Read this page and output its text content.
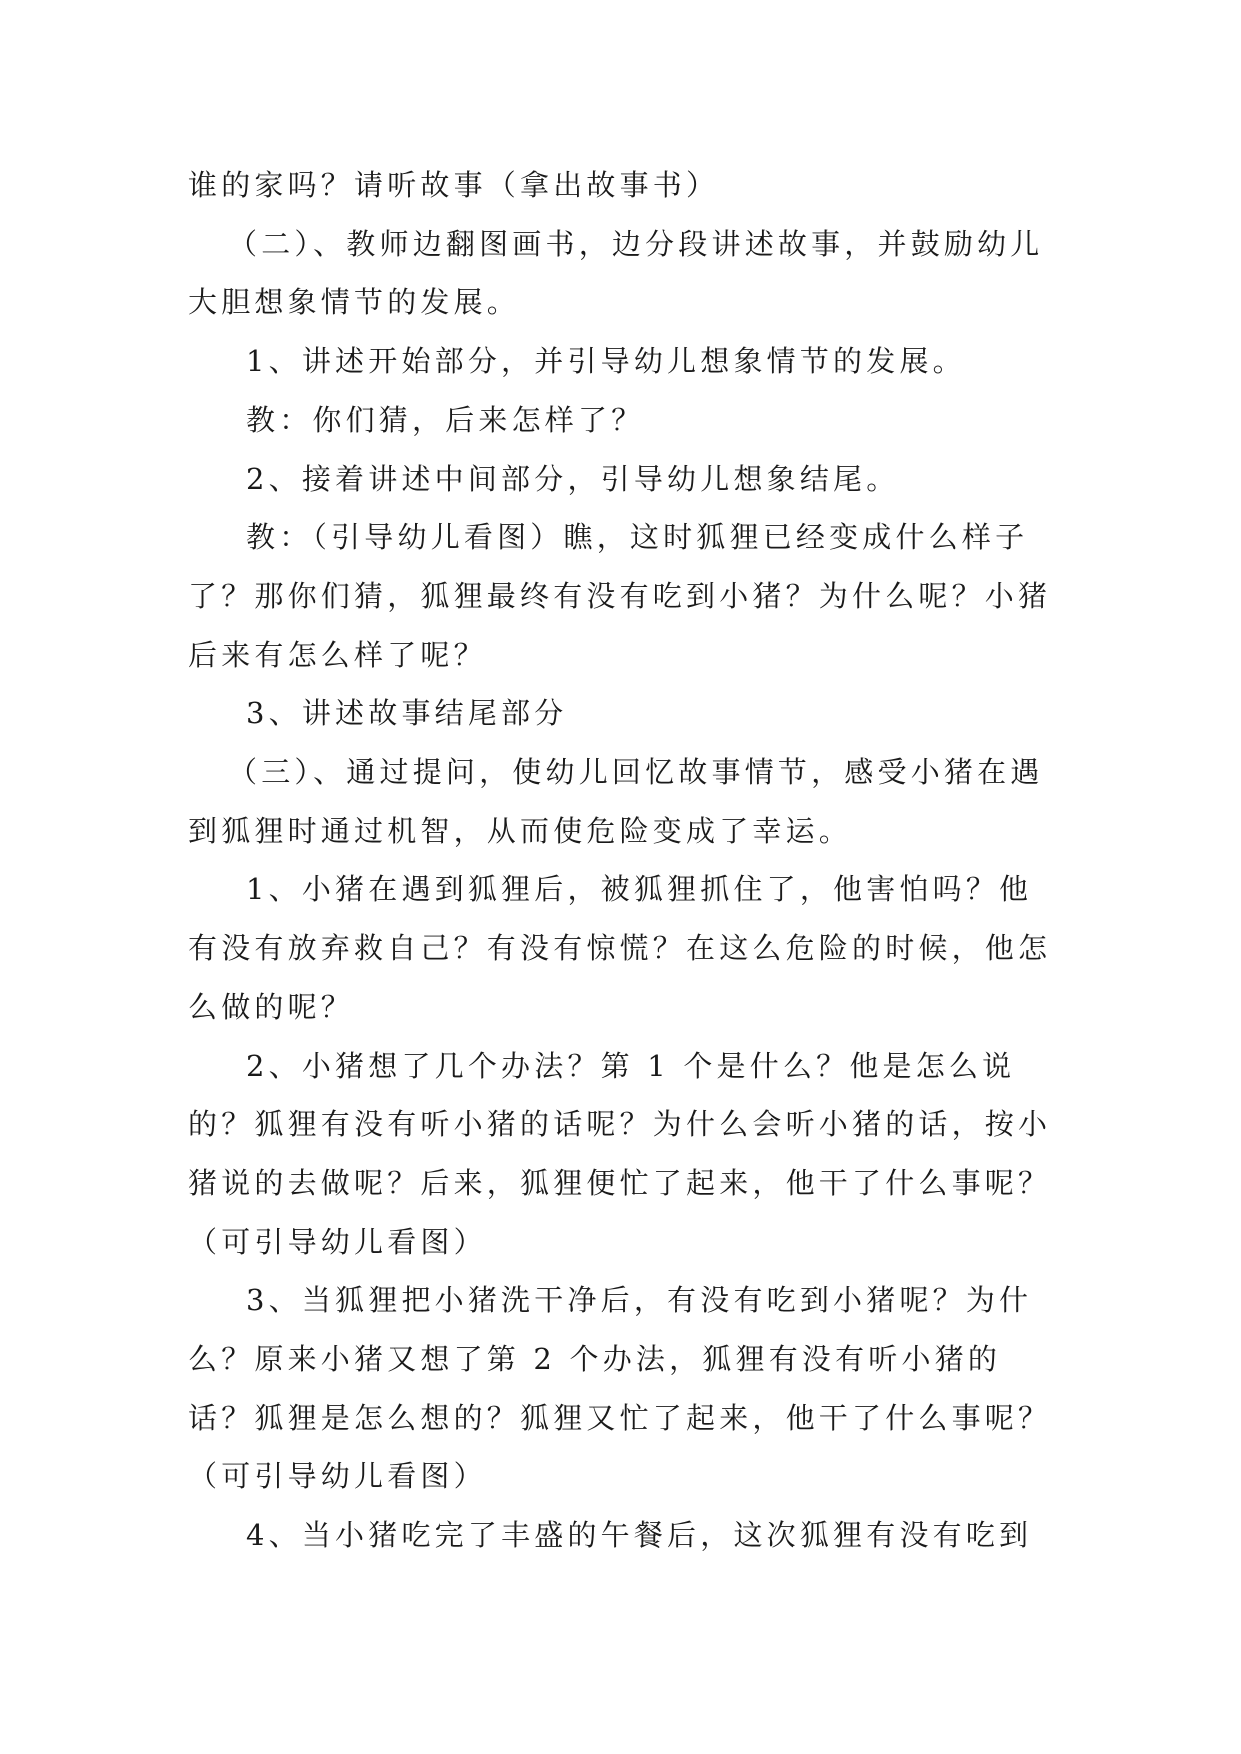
谁的家吗？请听故事（拿出故事书）

（二）、教师边翻图画书，边分段讲述故事，并鼓励幼儿大胆想象情节的发展。

1、讲述开始部分，并引导幼儿想象情节的发展。

教：你们猜，后来怎样了？

2、接着讲述中间部分，引导幼儿想象结尾。

教：（引导幼儿看图）瞧，这时狐狸已经变成什么样子了？那你们猜，狐狸最终有没有吃到小猪？为什么呢？小猪后来有怎么样了呢？

3、讲述故事结尾部分

（三）、通过提问，使幼儿回忆故事情节，感受小猪在遇到狐狸时通过机智，从而使危险变成了幸运。

1、小猪在遇到狐狸后，被狐狸抓住了，他害怕吗？他有没有放弃救自己？有没有惊慌？在这么危险的时候，他怎么做的呢？

2、小猪想了几个办法？第 1 个是什么？他是怎么说的？狐狸有没有听小猪的话呢？为什么会听小猪的话，按小猪说的去做呢？后来，狐狸便忙了起来，他干了什么事呢？（可引导幼儿看图）

3、当狐狸把小猪洗干净后，有没有吃到小猪呢？为什么？原来小猪又想了第 2 个办法，狐狸有没有听小猪的话？狐狸是怎么想的？狐狸又忙了起来，他干了什么事呢？（可引导幼儿看图）

4、当小猪吃完了丰盛的午餐后，这次狐狸有没有吃到
